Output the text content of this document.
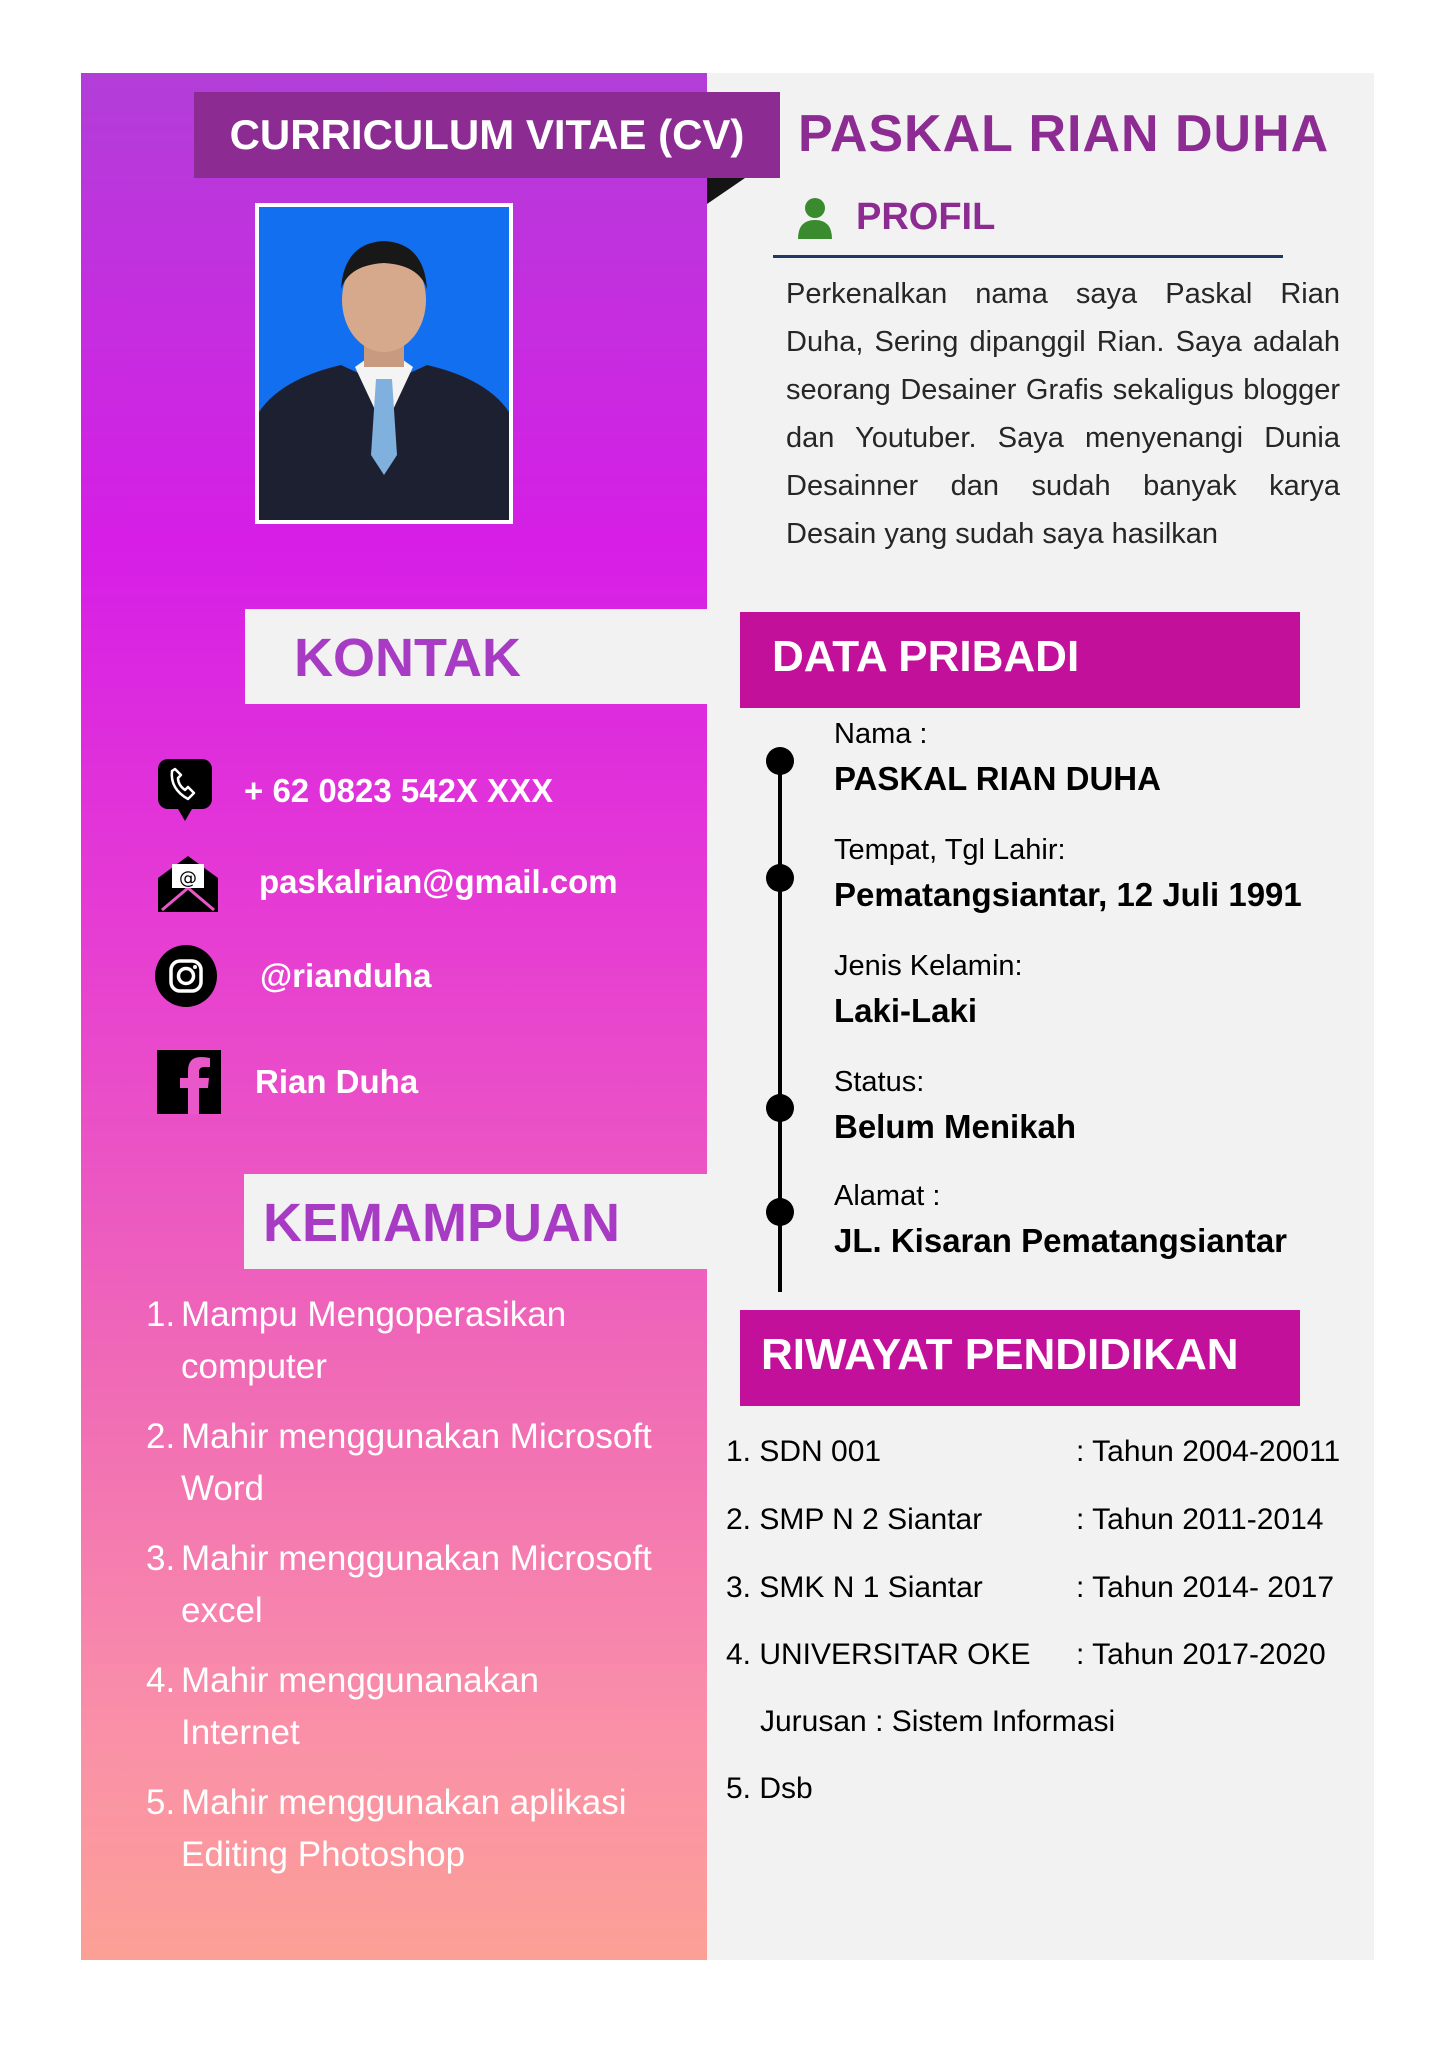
CURRICULUM VITAE (CV)	PASKAL RIAN DUHA
PROFIL
Perkenalkan nama saya Paskal Rian Duha, Sering dipanggil Rian. Saya adalah seorang Desainer Grafis sekaligus blogger dan Youtuber. Saya menyenangi Dunia Desainner dan sudah banyak karya Desain yang sudah saya hasilkan
KONTAK
+ 62 0823 542X XXX
@ paskalrian@gmail.com
@rianduha
Rian Duha
KEMAMPUAN
1. Mampu Mengoperasikan computer
2. Mahir menggunakan Microsoft Word
3. Mahir menggunakan Microsoft excel
4. Mahir menggunanakan Internet
5. Mahir menggunakan aplikasi Editing Photoshop
DATA PRIBADI
Nama :
PASKAL RIAN DUHA
Tempat, Tgl Lahir:
Pematangsiantar, 12 Juli 1991
Jenis Kelamin:
Laki-Laki
Status:
Belum Menikah
Alamat :
JL. Kisaran Pematangsiantar
RIWAYAT PENDIDIKAN
1. SDN 001	: Tahun 2004-20011
2. SMP N 2 Siantar	: Tahun 2011-2014
3. SMK N 1 Siantar	: Tahun 2014- 2017
4. UNIVERSITAR OKE : Tahun 2017-2020
Jurusan : Sistem Informasi
5. Dsb
